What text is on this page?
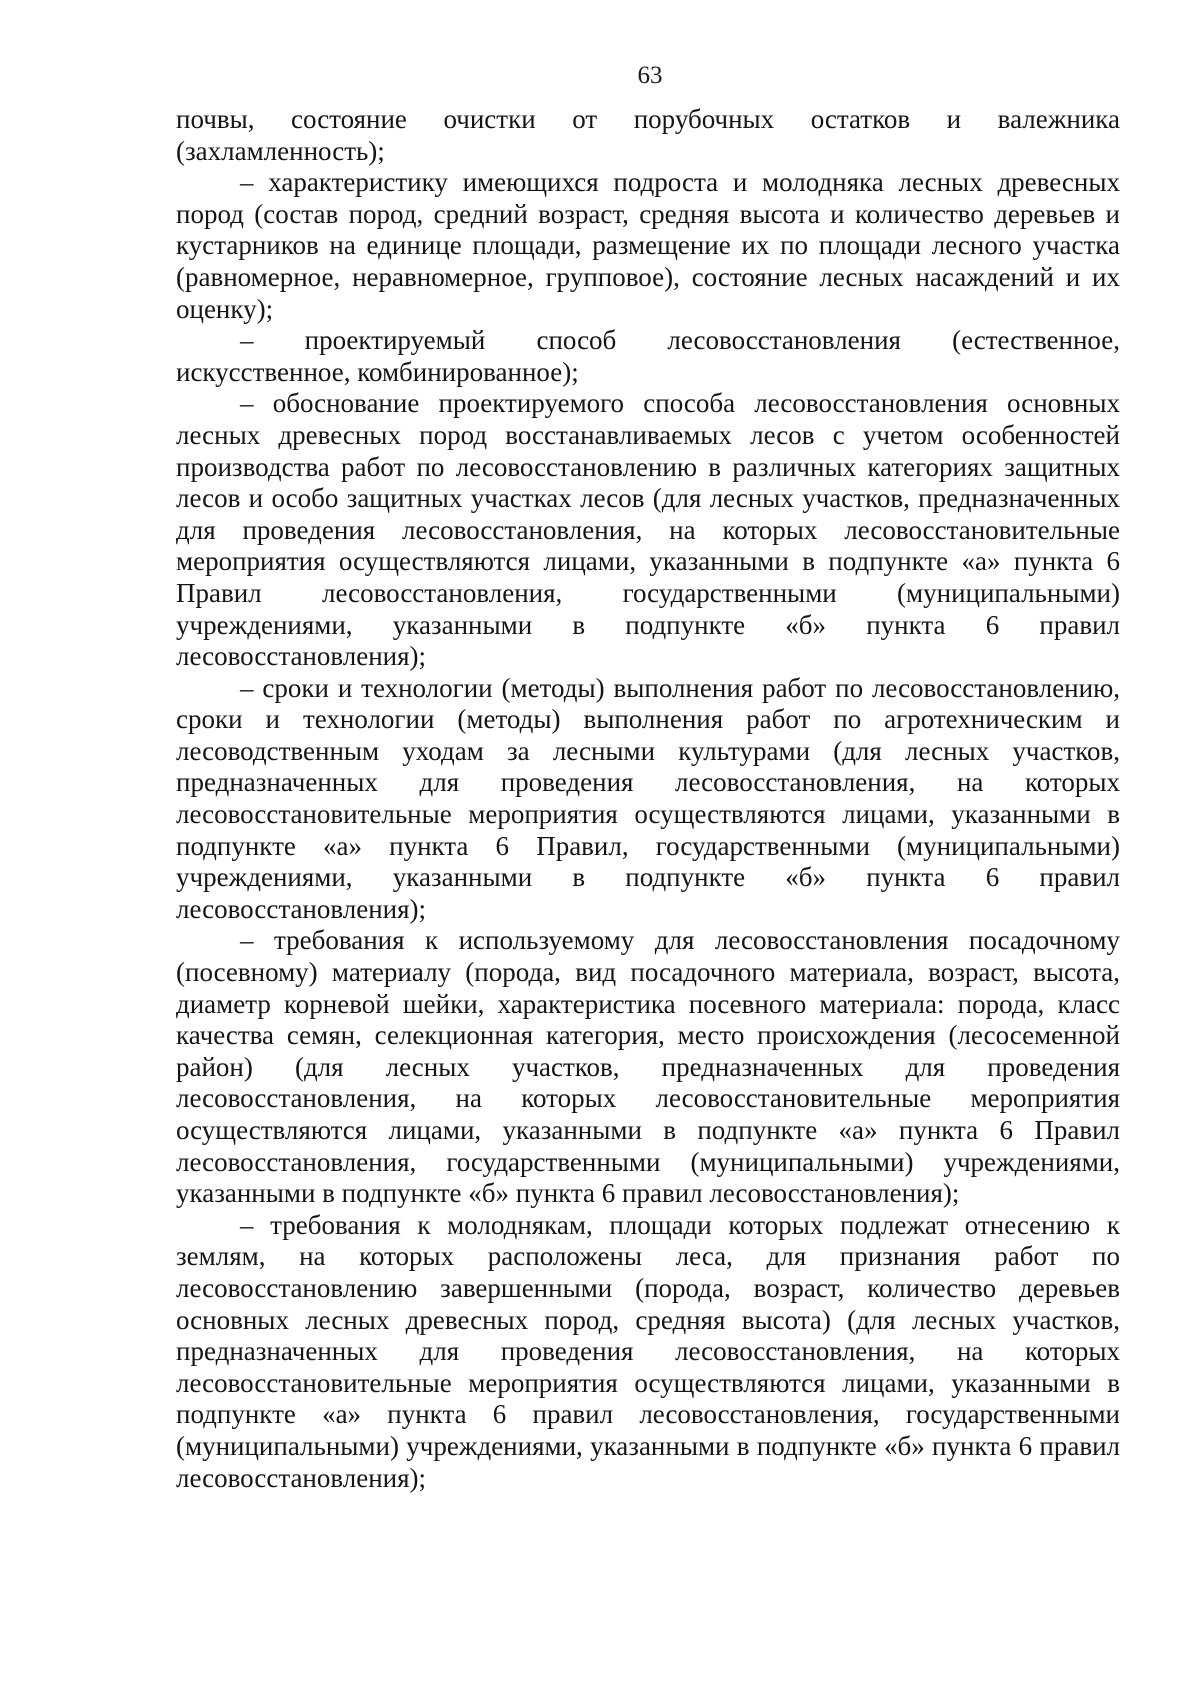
63

почвы, состояние очистки от порубочных остатков и валежника (захламленность);

– характеристику имеющихся подроста и молодняка лесных древесных пород (состав пород, средний возраст, средняя высота и количество деревьев и кустарников на единице площади, размещение их по площади лесного участка (равномерное, неравномерное, групповое), состояние лесных насаждений и их оценку);

– проектируемый способ лесовосстановления (естественное, искусственное, комбинированное);

– обоснование проектируемого способа лесовосстановления основных лесных древесных пород восстанавливаемых лесов с учетом особенностей производства работ по лесовосстановлению в различных категориях защитных лесов и особо защитных участках лесов (для лесных участков, предназначенных для проведения лесовосстановления, на которых лесовосстановительные мероприятия осуществляются лицами, указанными в подпункте «а» пункта 6 Правил лесовосстановления, государственными (муниципальными) учреждениями, указанными в подпункте «б» пункта 6 правил лесовосстановления);

– сроки и технологии (методы) выполнения работ по лесовосстановлению, сроки и технологии (методы) выполнения работ по агротехническим и лесоводственным уходам за лесными культурами (для лесных участков, предназначенных для проведения лесовосстановления, на которых лесовосстановительные мероприятия осуществляются лицами, указанными в подпункте «а» пункта 6 Правил, государственными (муниципальными) учреждениями, указанными в подпункте «б» пункта 6 правил лесовосстановления);

– требования к используемому для лесовосстановления посадочному (посевному) материалу (порода, вид посадочного материала, возраст, высота, диаметр корневой шейки, характеристика посевного материала: порода, класс качества семян, селекционная категория, место происхождения (лесосеменной район) (для лесных участков, предназначенных для проведения лесовосстановления, на которых лесовосстановительные мероприятия осуществляются лицами, указанными в подпункте «а» пункта 6 Правил лесовосстановления, государственными (муниципальными) учреждениями, указанными в подпункте «б» пункта 6 правил лесовосстановления);

– требования к молоднякам, площади которых подлежат отнесению к землям, на которых расположены леса, для признания работ по лесовосстановлению завершенными (порода, возраст, количество деревьев основных лесных древесных пород, средняя высота) (для лесных участков, предназначенных для проведения лесовосстановления, на которых лесовосстановительные мероприятия осуществляются лицами, указанными в подпункте «а» пункта 6 правил лесовосстановления, государственными (муниципальными) учреждениями, указанными в подпункте «б» пункта 6 правил лесовосстановления);
